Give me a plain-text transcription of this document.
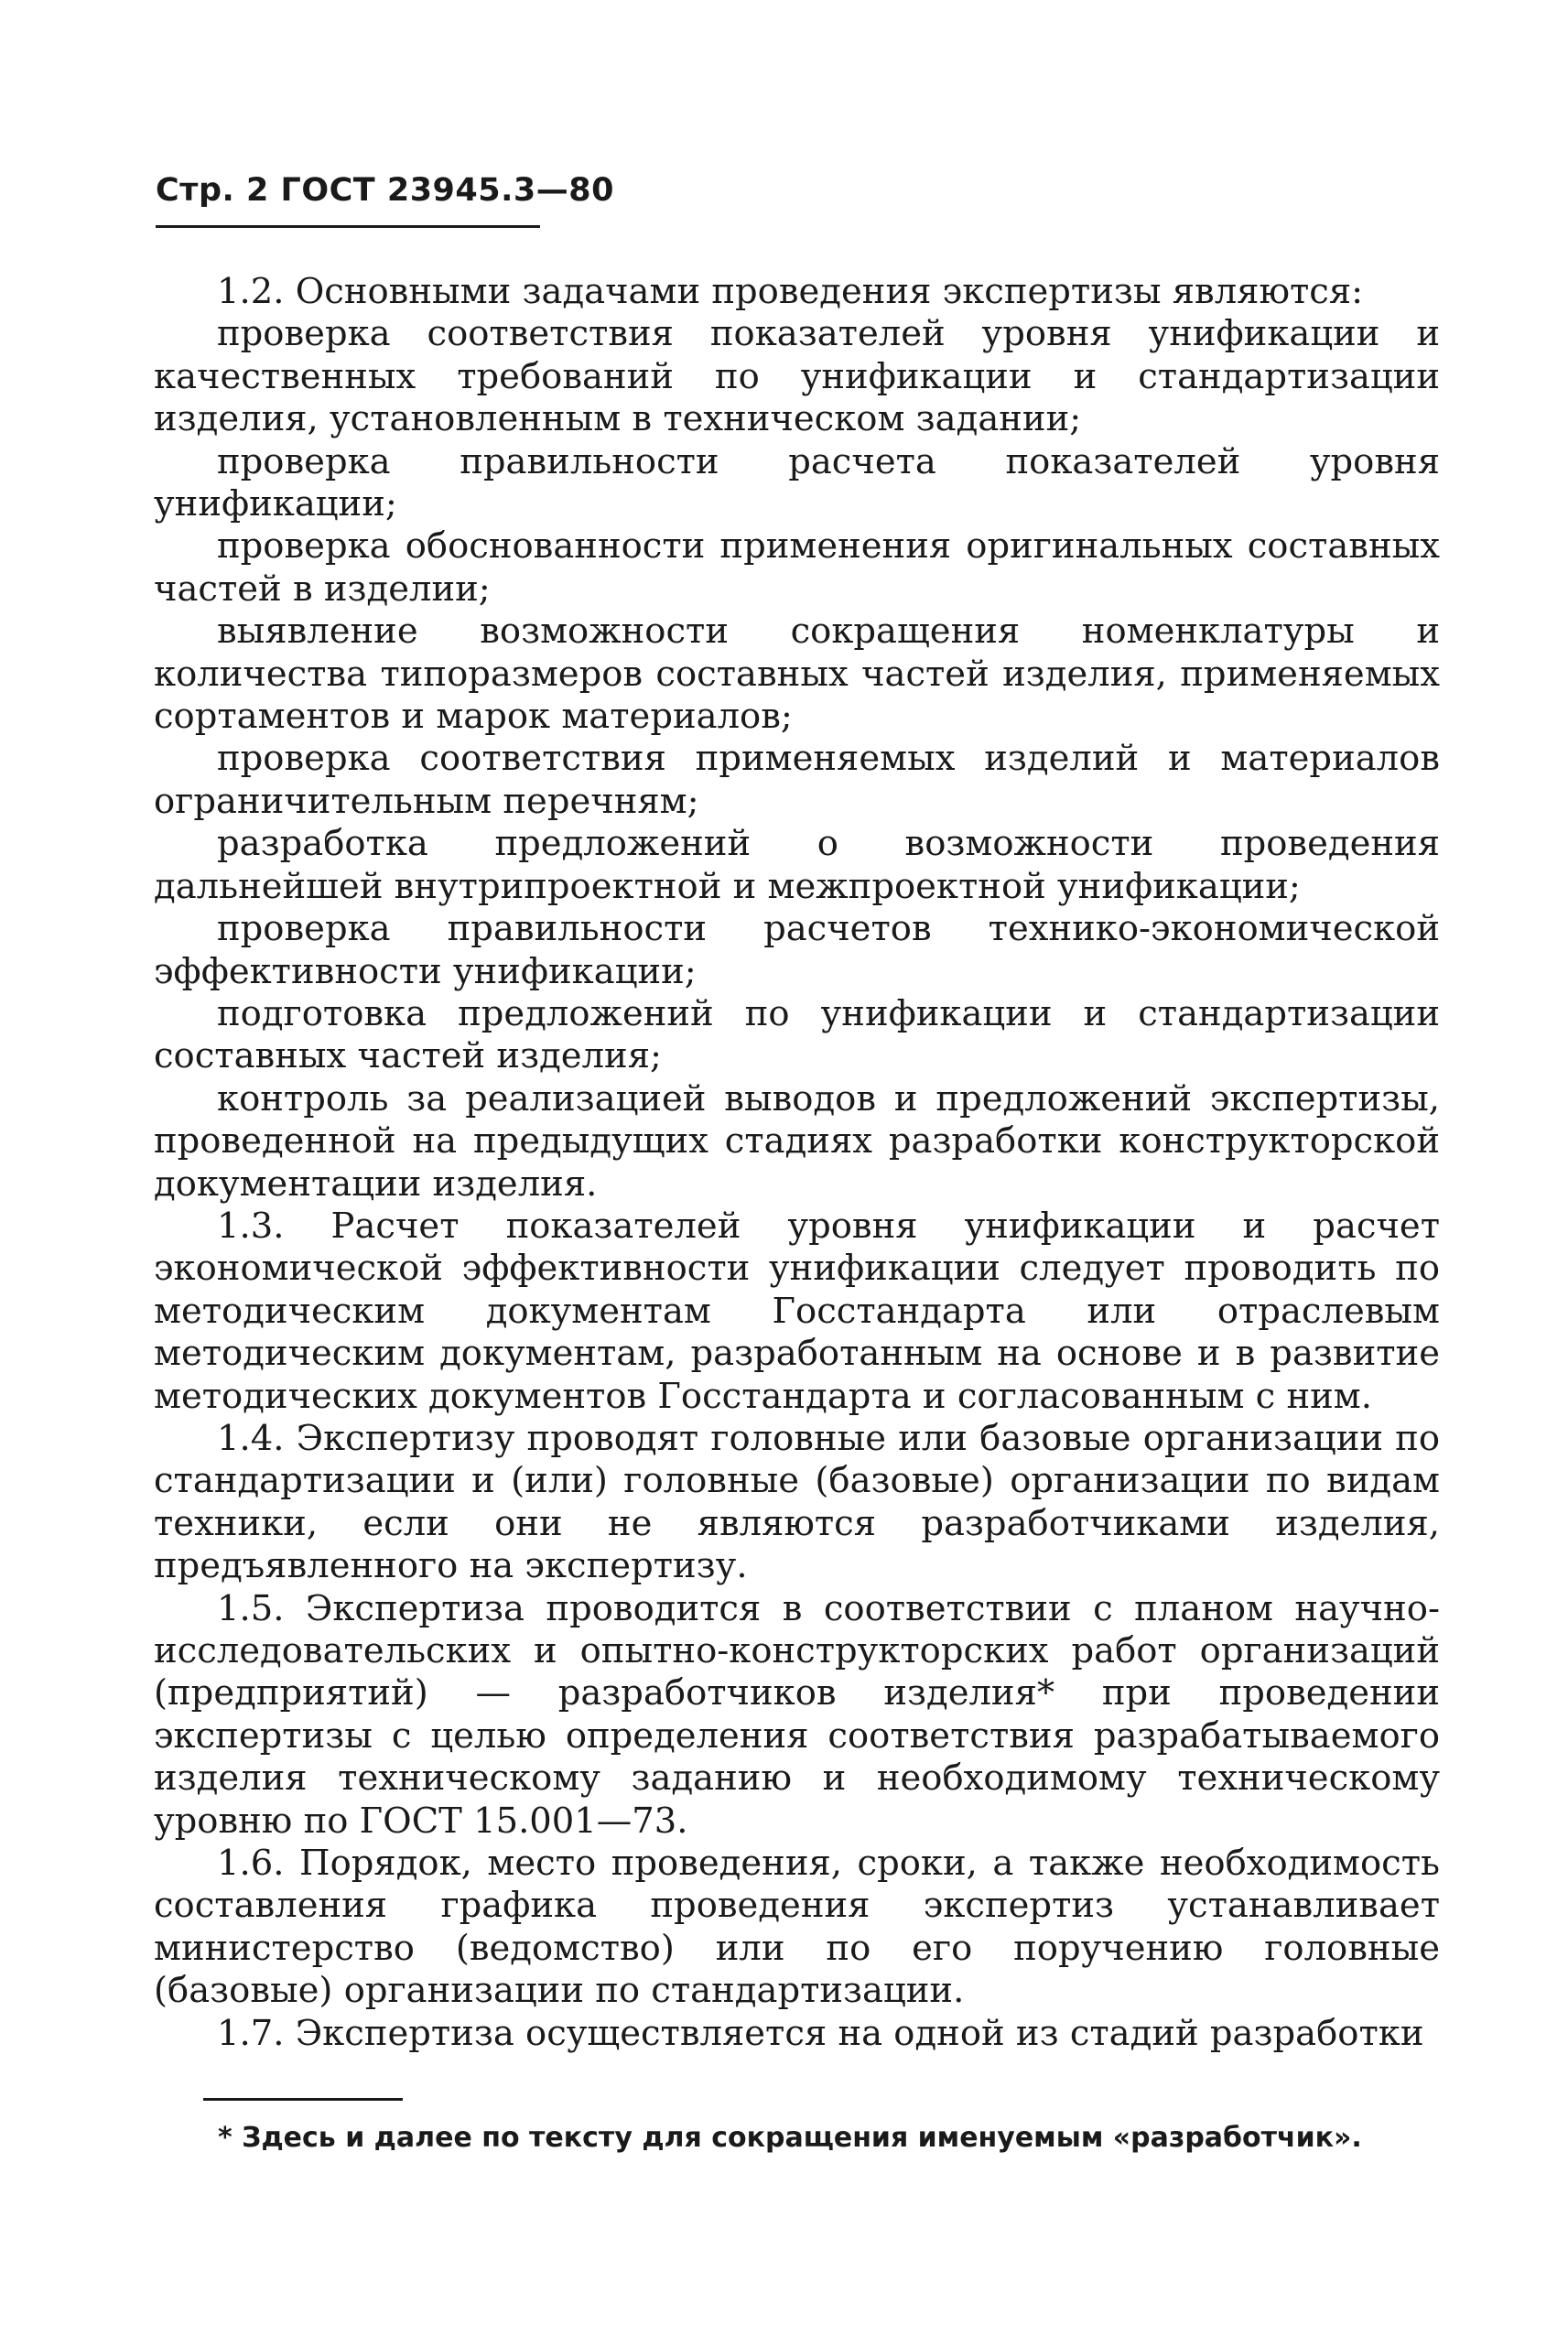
Стр. 2 ГОСТ 23945.3—80

1.2. Основными задачами проведения экспертизы являются:

проверка соответствия показателей уровня унификации и качественных требований по унификации и стандартизации изделия, установленным в техническом задании;

проверка правильности расчета показателей уровня унификации;

проверка обоснованности применения оригинальных составных частей в изделии;

выявление возможности сокращения номенклатуры и количества типоразмеров составных частей изделия, применяемых сортаментов и марок материалов;

проверка соответствия применяемых изделий и материалов ограничительным перечням;

разработка предложений о возможности проведения дальнейшей внутрипроектной и межпроектной унификации;

проверка правильности расчетов технико-экономической эффективности унификации;

подготовка предложений по унификации и стандартизации составных частей изделия;

контроль за реализацией выводов и предложений экспертизы, проведенной на предыдущих стадиях разработки конструкторской документации изделия.

1.3. Расчет показателей уровня унификации и расчет экономической эффективности унификации следует проводить по методическим документам Госстандарта или отраслевым методическим документам, разработанным на основе и в развитие методических документов Госстандарта и согласованным с ним.

1.4. Экспертизу проводят головные или базовые организации по стандартизации и (или) головные (базовые) организации по видам техники, если они не являются разработчиками изделия, предъявленного на экспертизу.

1.5. Экспертиза проводится в соответствии с планом научно-исследовательских и опытно-конструкторских работ организаций (предприятий) — разработчиков изделия* при проведении экспертизы с целью определения соответствия разрабатываемого изделия техническому заданию и необходимому техническому уровню по ГОСТ 15.001—73.

1.6. Порядок, место проведения, сроки, а также необходимость составления графика проведения экспертиз устанавливает министерство (ведомство) или по его поручению головные (базовые) организации по стандартизации.

1.7. Экспертиза осуществляется на одной из стадий разработки

* Здесь и далее по тексту для сокращения именуемым «разработчик».
